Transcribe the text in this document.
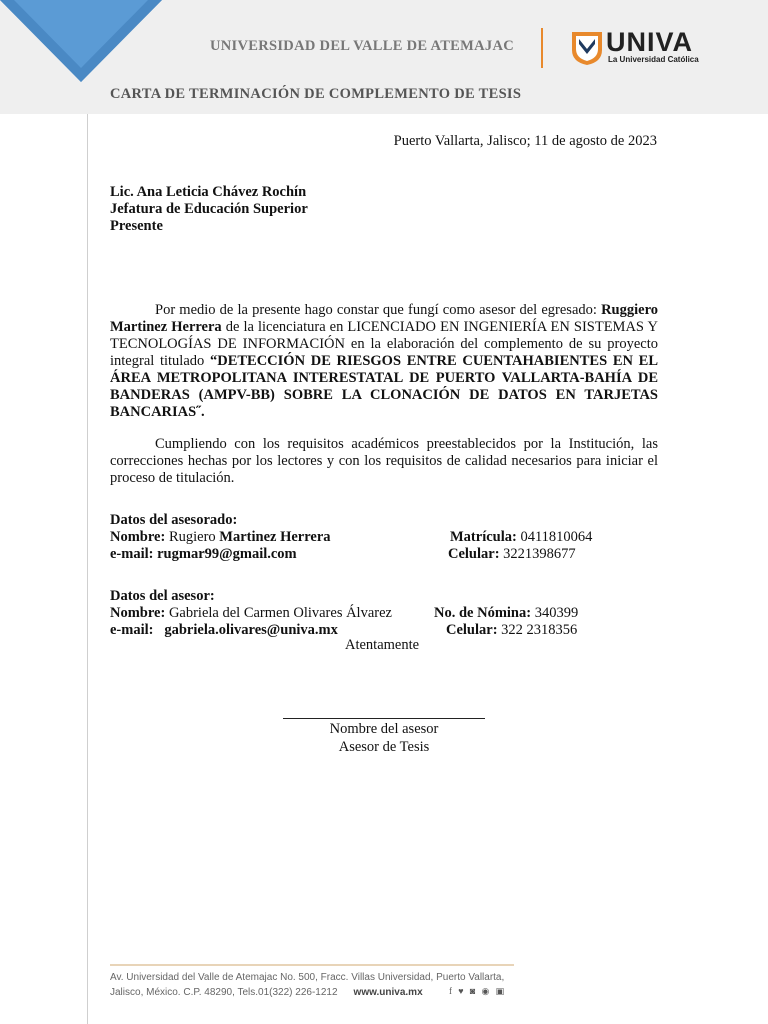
UNIVERSIDAD DEL VALLE DE ATEMAJAC	UNIVA
La Universidad Católica
CARTA DE TERMINACIÓN DE COMPLEMENTO DE TESIS
Puerto Vallarta, Jalisco; 11 de agosto de 2023
Lic. Ana Leticia Chávez Rochín
Jefatura de Educación Superior
Presente
Por medio de la presente hago constar que fungí como asesor del egresado: Ruggiero Martinez Herrera de la licenciatura en LICENCIADO EN INGENIERÍA EN SISTEMAS Y TECNOLOGÍAS DE INFORMACIÓN en la elaboración del complemento de su proyecto integral titulado “DETECCIÓN DE RIESGOS ENTRE CUENTAHABIENTES EN EL ÁREA METROPOLITANA INTERESTATAL DE PUERTO VALLARTA-BAHÍA DE BANDERAS (AMPV-BB) SOBRE LA CLONACIÓN DE DATOS EN TARJETAS BANCARIAS˝.
Cumpliendo con los requisitos académicos preestablecidos por la Institución, las correcciones hechas por los lectores y con los requisitos de calidad necesarios para iniciar el proceso de titulación.
Datos del asesorado:
Nombre: Rugiero Martinez Herrera	Matrícula: 0411810064
e-mail: rugmar99@gmail.com	Celular: 3221398677
Datos del asesor:
Nombre: Gabriela del Carmen Olivares Álvarez	No. de Nómina: 340399
e-mail: gabriela.olivares@univa.mx	Celular: 322 2318356
Atentamente
Nombre del asesor
Asesor de Tesis
Av. Universidad del Valle de Atemajac No. 500, Fracc. Villas Universidad, Puerto Vallarta,
Jalisco, México. C.P. 48290, Tels.01(322) 226-1212 www.univa.mx	f ♥ ◙ ◉ ▣
